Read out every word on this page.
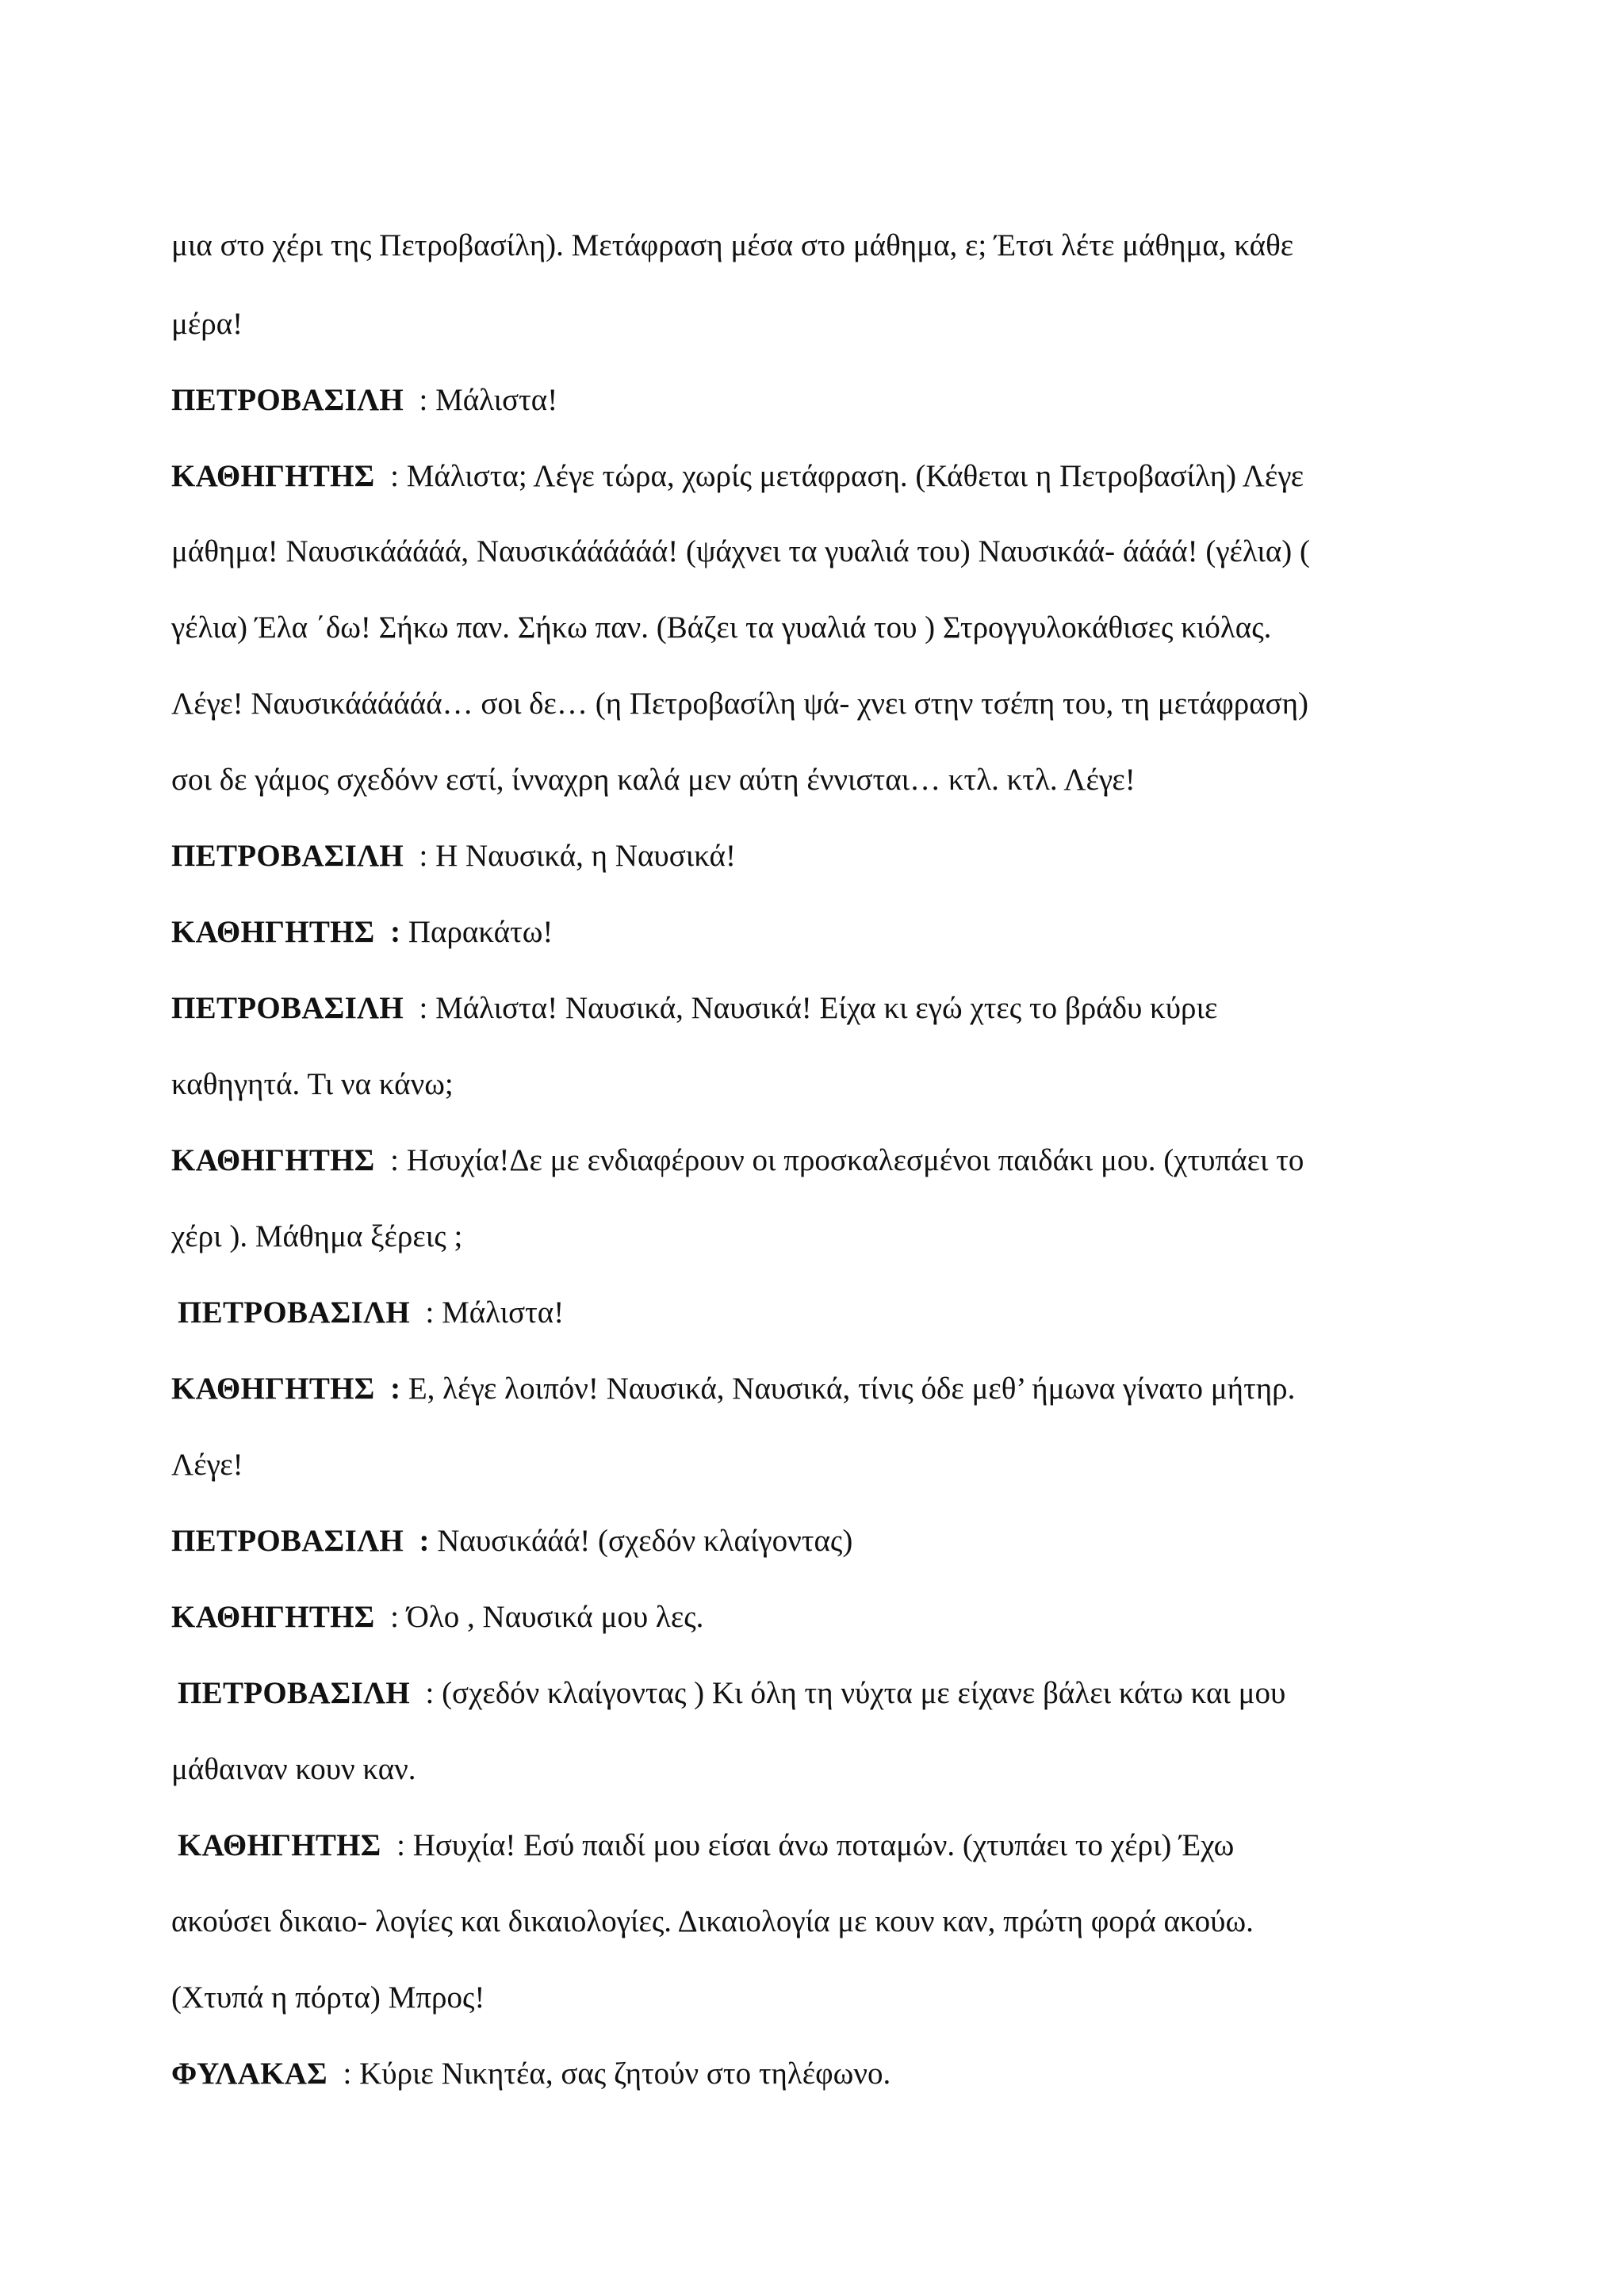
μια στο χέρι της Πετροβασίλη). Μετάφραση μέσα στο μάθημα, ε; Έτσι λέτε μάθημα, κάθε
μέρα!
ΠΕΤΡΟΒΑΣΙΛΗ  : Μάλιστα!
ΚΑΘΗΓΗΤΗΣ  : Μάλιστα; Λέγε τώρα, χωρίς μετάφραση. (Κάθεται η Πετροβασίλη) Λέγε
μάθημα! Ναυσικάάάάά, Ναυσικάάάάάά! (ψάχνει τα γυαλιά του) Ναυσικάά- άάάά! (γέλια) (
γέλια) Έλα ΄δω! Σήκω παν. Σήκω παν. (Βάζει τα γυαλιά του ) Στρογγυλοκάθισες κιόλας.
Λέγε! Ναυσικάάάάάά… σοι δε… (η Πετροβασίλη ψά- χνει στην τσέπη του, τη μετάφραση)
σοι δε γάμος σχεδόνν εστί, ίνναχρη καλά μεν αύτη έννισται… κτλ. κτλ. Λέγε!
ΠΕΤΡΟΒΑΣΙΛΗ  : Η Ναυσικά, η Ναυσικά!
ΚΑΘΗΓΗΤΗΣ  : Παρακάτω!
ΠΕΤΡΟΒΑΣΙΛΗ  : Μάλιστα! Ναυσικά, Ναυσικά! Είχα κι εγώ χτες το βράδυ κύριε
καθηγητά. Τι να κάνω;
ΚΑΘΗΓΗΤΗΣ  : Ησυχία!Δε με ενδιαφέρουν οι προσκαλεσμένοι παιδάκι μου. (χτυπάει το
χέρι ). Μάθημα ξέρεις ;
ΠΕΤΡΟΒΑΣΙΛΗ  : Μάλιστα!
ΚΑΘΗΓΗΤΗΣ  : Ε, λέγε λοιπόν! Ναυσικά, Ναυσικά, τίνις όδε μεθ’ ήμωνα γίνατο μήτηρ.
Λέγε!
ΠΕΤΡΟΒΑΣΙΛΗ  : Ναυσικάάά! (σχεδόν κλαίγοντας)
ΚΑΘΗΓΗΤΗΣ  : Όλο , Ναυσικά μου λες.
ΠΕΤΡΟΒΑΣΙΛΗ  : (σχεδόν κλαίγοντας ) Κι όλη τη νύχτα με είχανε βάλει κάτω και μου
μάθαιναν κουν καν.
ΚΑΘΗΓΗΤΗΣ  : Ησυχία! Εσύ παιδί μου είσαι άνω ποταμών. (χτυπάει το χέρι) Έχω
ακούσει δικαιο- λογίες και δικαιολογίες. Δικαιολογία με κουν καν, πρώτη φορά ακούω.
(Χτυπά η πόρτα) Μπρος!
ΦΥΛΑΚΑΣ  : Κύριε Νικητέα, σας ζητούν στο τηλέφωνο.
